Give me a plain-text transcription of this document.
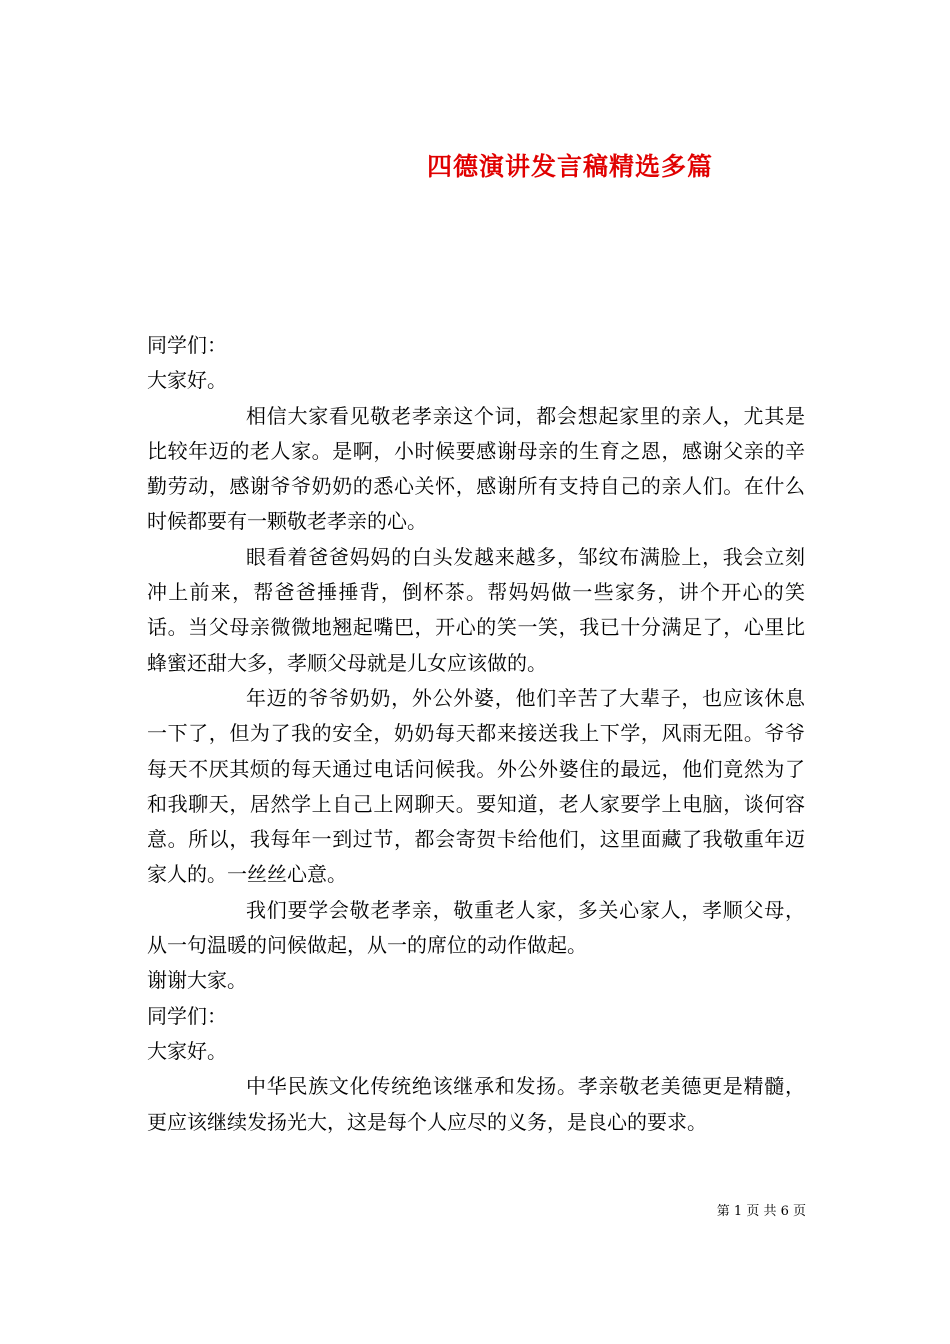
四德演讲发言稿精选多篇

同学们：

大家好。

相信大家看见敬老孝亲这个词，都会想起家里的亲人，尤其是比较年迈的老人家。是啊，小时候要感谢母亲的生育之恩，感谢父亲的辛勤劳动，感谢爷爷奶奶的悉心关怀，感谢所有支持自己的亲人们。在什么时候都要有一颗敬老孝亲的心。

眼看着爸爸妈妈的白头发越来越多，邹纹布满脸上，我会立刻冲上前来，帮爸爸捶捶背，倒杯茶。帮妈妈做一些家务，讲个开心的笑话。当父母亲微微地翘起嘴巴，开心的笑一笑，我已十分满足了，心里比蜂蜜还甜大多，孝顺父母就是儿女应该做的。

年迈的爷爷奶奶，外公外婆，他们辛苦了大辈子，也应该休息一下了，但为了我的安全，奶奶每天都来接送我上下学，风雨无阻。爷爷每天不厌其烦的每天通过电话问候我。外公外婆住的最远，他们竟然为了和我聊天，居然学上自己上网聊天。要知道，老人家要学上电脑，谈何容意。所以，我每年一到过节，都会寄贺卡给他们，这里面藏了我敬重年迈家人的。一丝丝心意。

我们要学会敬老孝亲，敬重老人家，多关心家人，孝顺父母，从一句温暖的问候做起，从一的席位的动作做起。

谢谢大家。

同学们：

大家好。

中华民族文化传统绝该继承和发扬。孝亲敬老美德更是精髓，更应该继续发扬光大，这是每个人应尽的义务，是良心的要求。

第 1 页 共 6 页
